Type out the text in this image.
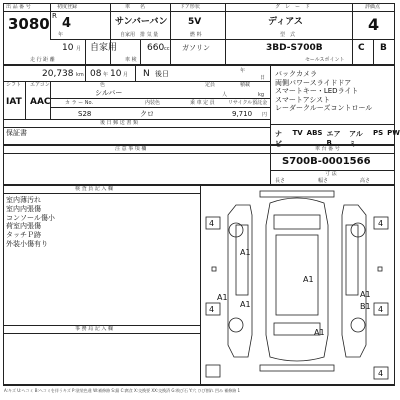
出 品 番 号	初度登録	車　　名	ドア形状	グ　レ　ー　ド	評価点
3080 R 4
年
サンバーバン 5V	ディアス	4
自家用 排 気 量	燃 料	型　式
10 月 自家用	660 cc ガソリン	3BD-S700B	C B
走 行 距 離	車 検	セールスポイント
20,738 km 08 年 10 月 N 後日	年
日
シフト エアコン	色	定員	積載
シルバー	人	kg
IAT AAC	カ ラ ー No.	内装色	乗 車 定 員	リサイクル預託金
S28	クロ	9,710 円
後 日 郵 送 書 類
保証書
バックカメラ
両側パワースライドドア
スマートキー・LEDライト
スマートアシスト
レーダークルーズコントロール
ナビ
TV ABS エアB
アルミ
PS PW
注 意 事 項 欄	車 台 番 号
S700B-0001566
寸 法
長さ	幅さ	高さ
検 査 員 記 入 欄
室内薄汚れ
室内内張傷
コンソール傷小
荷室内張傷
タッチＰ跡
外装小傷有り
事 務 局 記 入 欄
4	4
4	4
4
A1
A1
A1
A1
B1
A1
A1
A:キズ U:ヘコミ B:ヘコミを伴うキズ P:塗装色違 W:補修跡 S:錆 C:腐食 X:交換要 XX:交換済 G:飛び石 Y:穴 ひび割れ 凹み 補修跡 1
